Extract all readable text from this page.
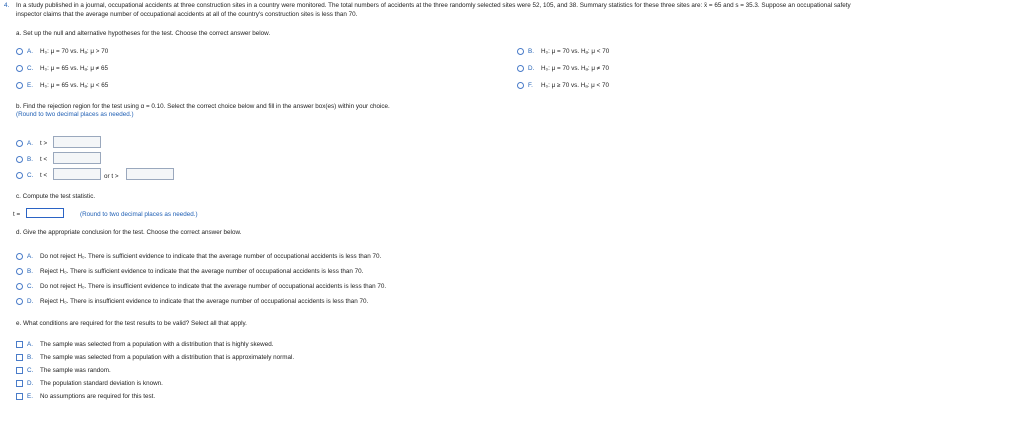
4. In a study published in a journal, occupational accidents at three construction sites in a country were monitored. The total numbers of accidents at the three randomly selected sites were 52, 105, and 38. Summary statistics for these three sites are: x̄ = 65 and s = 35.3. Suppose an occupational safety
inspector claims that the average number of occupational accidents at all of the country's construction sites is less than 70.
a. Set up the null and alternative hypotheses for the test. Choose the correct answer below.
A. H₀: μ = 70 vs. Hₐ: μ > 70	B. H₀: μ = 70 vs. Hₐ: μ < 70
C. H₀: μ = 65 vs. Hₐ: μ ≠ 65	D. H₀: μ = 70 vs. Hₐ: μ ≠ 70
E. H₀: μ = 65 vs. Hₐ: μ < 65	F. H₀: μ ≥ 70 vs. Hₐ: μ < 70
b. Find the rejection region for the test using α = 0.10. Select the correct choice below and fill in the answer box(es) within your choice.
(Round to two decimal places as needed.)
A. t >
B. t <
C. t <	or t >
c. Compute the test statistic.
t =	(Round to two decimal places as needed.)
d. Give the appropriate conclusion for the test. Choose the correct answer below.
A. Do not reject H₀. There is sufficient evidence to indicate that the average number of occupational accidents is less than 70.
B. Reject H₀. There is sufficient evidence to indicate that the average number of occupational accidents is less than 70.
C. Do not reject H₀. There is insufficient evidence to indicate that the average number of occupational accidents is less than 70.
D. Reject H₀. There is insufficient evidence to indicate that the average number of occupational accidents is less than 70.
e. What conditions are required for the test results to be valid? Select all that apply.
A. The sample was selected from a population with a distribution that is highly skewed.
B. The sample was selected from a population with a distribution that is approximately normal.
C. The sample was random.
D. The population standard deviation is known.
E. No assumptions are required for this test.
